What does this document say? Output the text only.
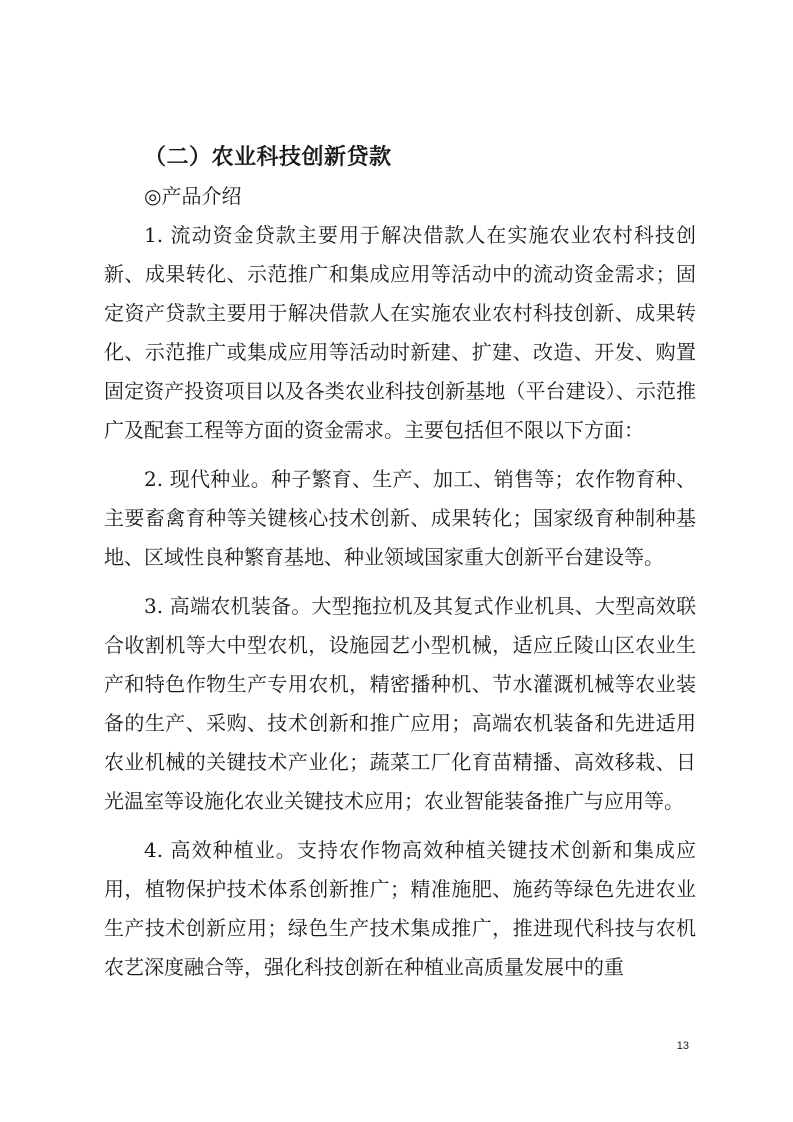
（二）农业科技创新贷款

◎产品介绍

1. 流动资金贷款主要用于解决借款人在实施农业农村科技创新、成果转化、示范推广和集成应用等活动中的流动资金需求；固定资产贷款主要用于解决借款人在实施农业农村科技创新、成果转化、示范推广或集成应用等活动时新建、扩建、改造、开发、购置固定资产投资项目以及各类农业科技创新基地（平台建设）、示范推广及配套工程等方面的资金需求。主要包括但不限以下方面：

2. 现代种业。种子繁育、生产、加工、销售等；农作物育种、主要畜禽育种等关键核心技术创新、成果转化；国家级育种制种基地、区域性良种繁育基地、种业领域国家重大创新平台建设等。

3. 高端农机装备。大型拖拉机及其复式作业机具、大型高效联合收割机等大中型农机，设施园艺小型机械，适应丘陵山区农业生产和特色作物生产专用农机，精密播种机、节水灌溉机械等农业装备的生产、采购、技术创新和推广应用；高端农机装备和先进适用农业机械的关键技术产业化；蔬菜工厂化育苗精播、高效移栽、日光温室等设施化农业关键技术应用；农业智能装备推广与应用等。

4. 高效种植业。支持农作物高效种植关键技术创新和集成应用，植物保护技术体系创新推广；精准施肥、施药等绿色先进农业生产技术创新应用；绿色生产技术集成推广，推进现代科技与农机农艺深度融合等，强化科技创新在种植业高质量发展中的重

13
